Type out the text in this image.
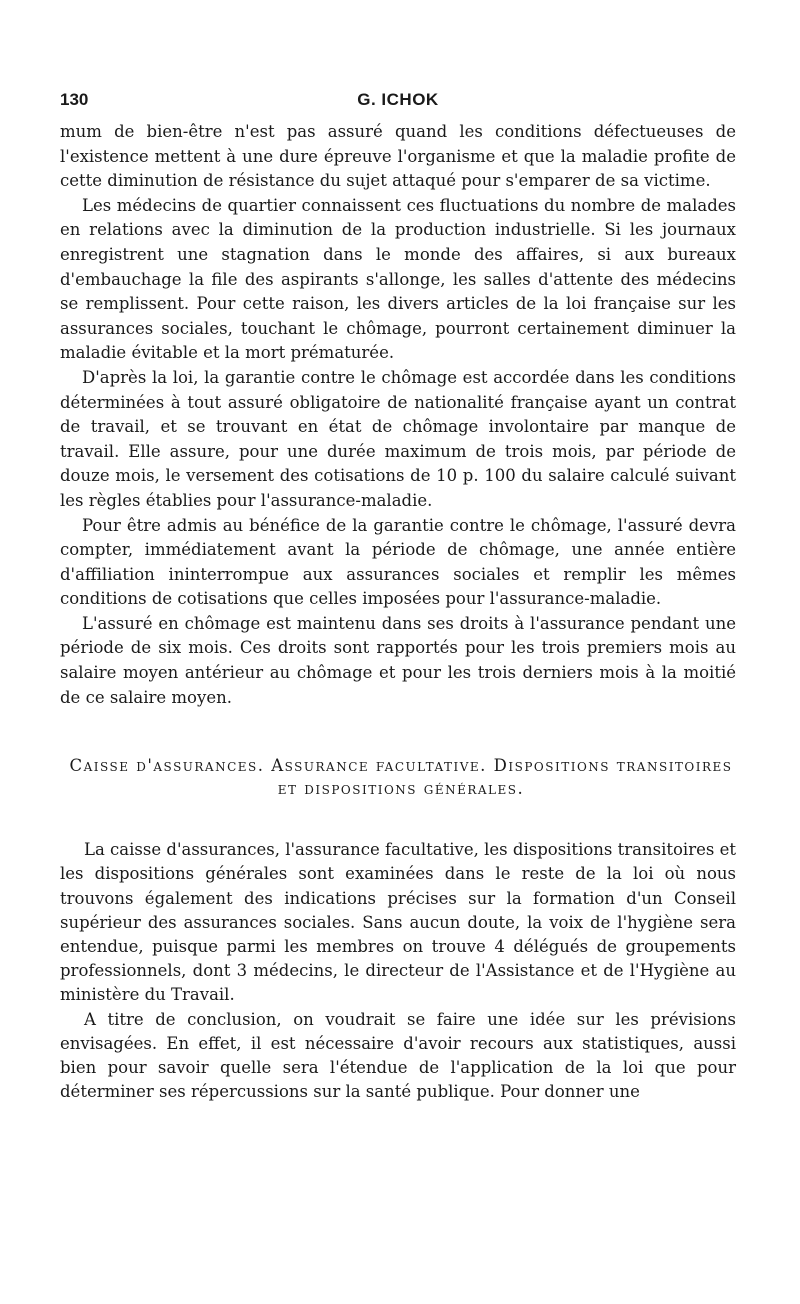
130	G. ICHOK

mum de bien-être n'est pas assuré quand les conditions défectueuses de l'existence mettent à une dure épreuve l'organisme et que la maladie profite de cette diminution de résistance du sujet attaqué pour s'emparer de sa victime.

Les médecins de quartier connaissent ces fluctuations du nombre de malades en relations avec la diminution de la production industrielle. Si les journaux enregistrent une stagnation dans le monde des affaires, si aux bureaux d'embauchage la file des aspirants s'allonge, les salles d'attente des médecins se remplissent. Pour cette raison, les divers articles de la loi française sur les assurances sociales, touchant le chômage, pourront certainement diminuer la maladie évitable et la mort prématurée.

D'après la loi, la garantie contre le chômage est accordée dans les conditions déterminées à tout assuré obligatoire de nationalité française ayant un contrat de travail, et se trouvant en état de chômage involontaire par manque de travail. Elle assure, pour une durée maximum de trois mois, par période de douze mois, le versement des cotisations de 10 p. 100 du salaire calculé suivant les règles établies pour l'assurance-maladie.

Pour être admis au bénéfice de la garantie contre le chômage, l'assuré devra compter, immédiatement avant la période de chômage, une année entière d'affiliation ininterrompue aux assurances sociales et remplir les mêmes conditions de cotisations que celles imposées pour l'assurance-maladie.

L'assuré en chômage est maintenu dans ses droits à l'assurance pendant une période de six mois. Ces droits sont rapportés pour les trois premiers mois au salaire moyen antérieur au chômage et pour les trois derniers mois à la moitié de ce salaire moyen.

Caisse d'assurances. Assurance facultative. Dispositions transitoires
et dispositions générales.

La caisse d'assurances, l'assurance facultative, les dispositions transitoires et les dispositions générales sont examinées dans le reste de la loi où nous trouvons également des indications précises sur la formation d'un Conseil supérieur des assurances sociales. Sans aucun doute, la voix de l'hygiène sera entendue, puisque parmi les membres on trouve 4 délégués de groupements professionnels, dont 3 médecins, le directeur de l'Assistance et de l'Hygiène au ministère du Travail.

A titre de conclusion, on voudrait se faire une idée sur les prévisions envisagées. En effet, il est nécessaire d'avoir recours aux statistiques, aussi bien pour savoir quelle sera l'étendue de l'application de la loi que pour déterminer ses répercussions sur la santé publique. Pour donner une
